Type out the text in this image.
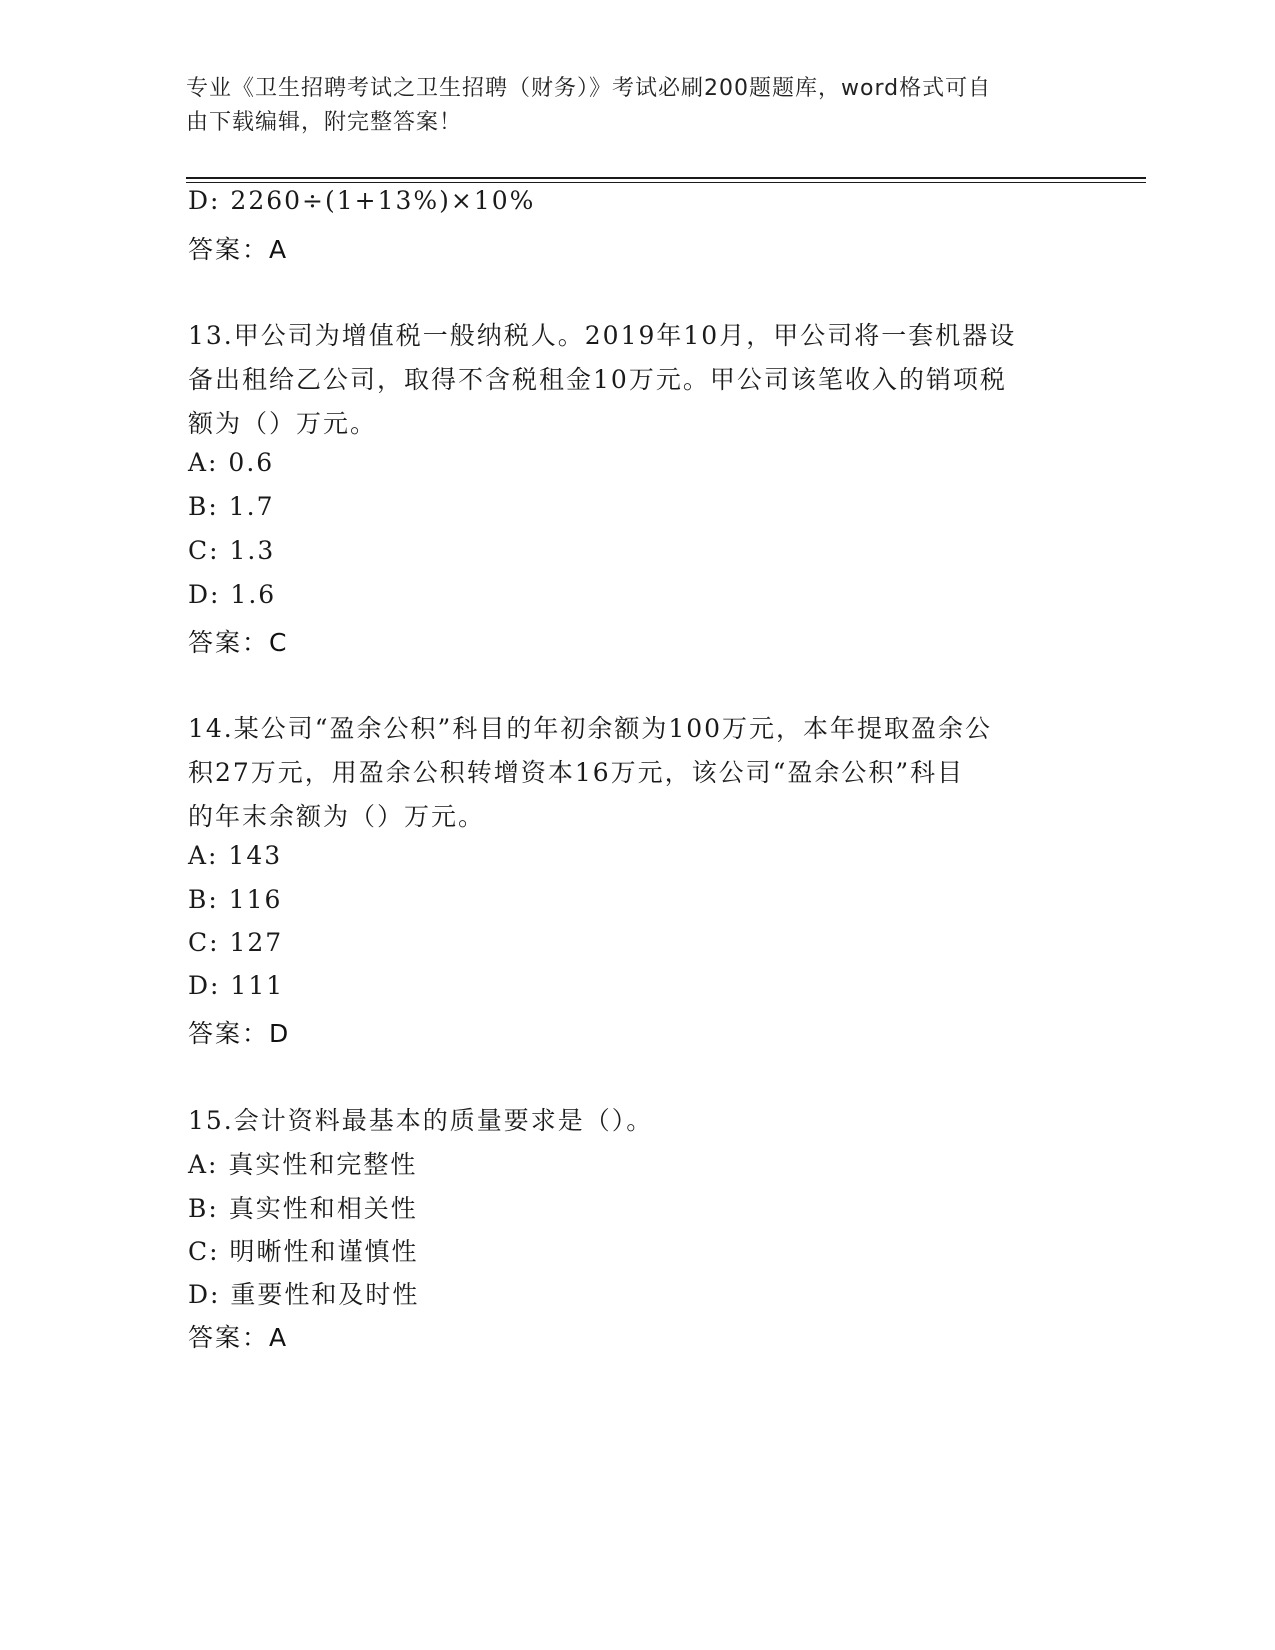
专业《卫生招聘考试之卫生招聘（财务）》考试必刷200题题库，word格式可自
由下载编辑，附完整答案！
D: 2260÷(1+13%)×10%
答案：A
13.甲公司为增值税一般纳税人。2019年10月，甲公司将一套机器设
备出租给乙公司，取得不含税租金10万元。甲公司该笔收入的销项税
额为（）万元。
A: 0.6
B: 1.7
C: 1.3
D: 1.6
答案：C
14.某公司“盈余公积”科目的年初余额为100万元，本年提取盈余公
积27万元，用盈余公积转增资本16万元，该公司“盈余公积”科目
的年末余额为（）万元。
A: 143
B: 116
C: 127
D: 111
答案：D
15.会计资料最基本的质量要求是（）。
A: 真实性和完整性
B: 真实性和相关性
C: 明晰性和谨慎性
D: 重要性和及时性
答案：A
